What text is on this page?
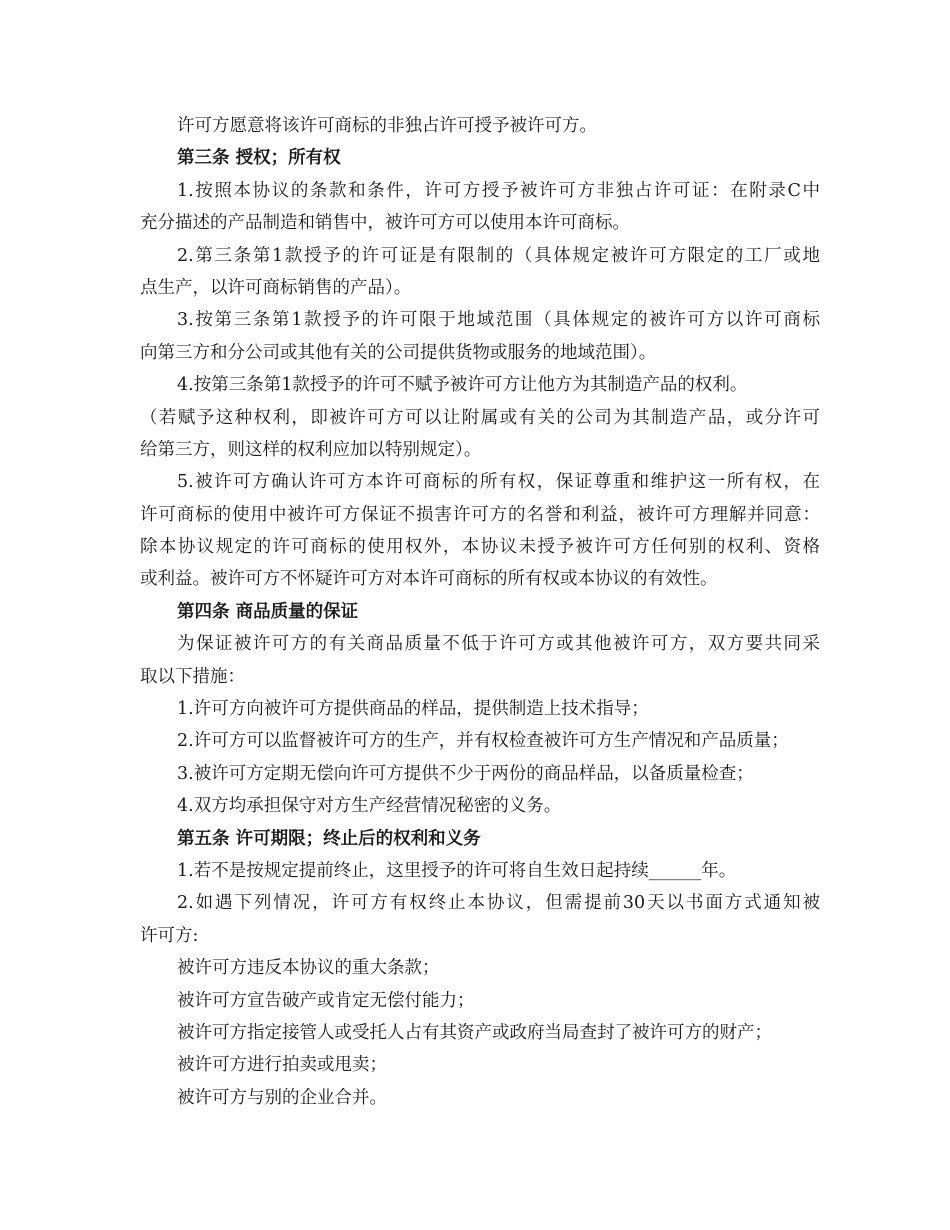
许可方愿意将该许可商标的非独占许可授予被许可方。
第三条 授权；所有权
1.按照本协议的条款和条件，许可方授予被许可方非独占许可证：在附录C中
充分描述的产品制造和销售中，被许可方可以使用本许可商标。
2.第三条第1款授予的许可证是有限制的（具体规定被许可方限定的工厂或地
点生产，以许可商标销售的产品）。
3.按第三条第1款授予的许可限于地域范围（具体规定的被许可方以许可商标
向第三方和分公司或其他有关的公司提供货物或服务的地域范围）。
4.按第三条第1款授予的许可不赋予被许可方让他方为其制造产品的权利。
（若赋予这种权利，即被许可方可以让附属或有关的公司为其制造产品，或分许可
给第三方，则这样的权利应加以特别规定）。
5.被许可方确认许可方本许可商标的所有权，保证尊重和维护这一所有权，在
许可商标的使用中被许可方保证不损害许可方的名誉和利益，被许可方理解并同意：
除本协议规定的许可商标的使用权外，本协议未授予被许可方任何别的权利、资格
或利益。被许可方不怀疑许可方对本许可商标的所有权或本协议的有效性。
第四条 商品质量的保证
为保证被许可方的有关商品质量不低于许可方或其他被许可方，双方要共同采
取以下措施：
1.许可方向被许可方提供商品的样品，提供制造上技术指导；
2.许可方可以监督被许可方的生产，并有权检查被许可方生产情况和产品质量；
3.被许可方定期无偿向许可方提供不少于两份的商品样品，以备质量检查；
4.双方均承担保守对方生产经营情况秘密的义务。
第五条 许可期限；终止后的权利和义务
1.若不是按规定提前终止，这里授予的许可将自生效日起持续______年。
2.如遇下列情况，许可方有权终止本协议，但需提前30天以书面方式通知被
许可方:
被许可方违反本协议的重大条款；
被许可方宣告破产或肯定无偿付能力；
被许可方指定接管人或受托人占有其资产或政府当局查封了被许可方的财产；
被许可方进行拍卖或甩卖；
被许可方与别的企业合并。
